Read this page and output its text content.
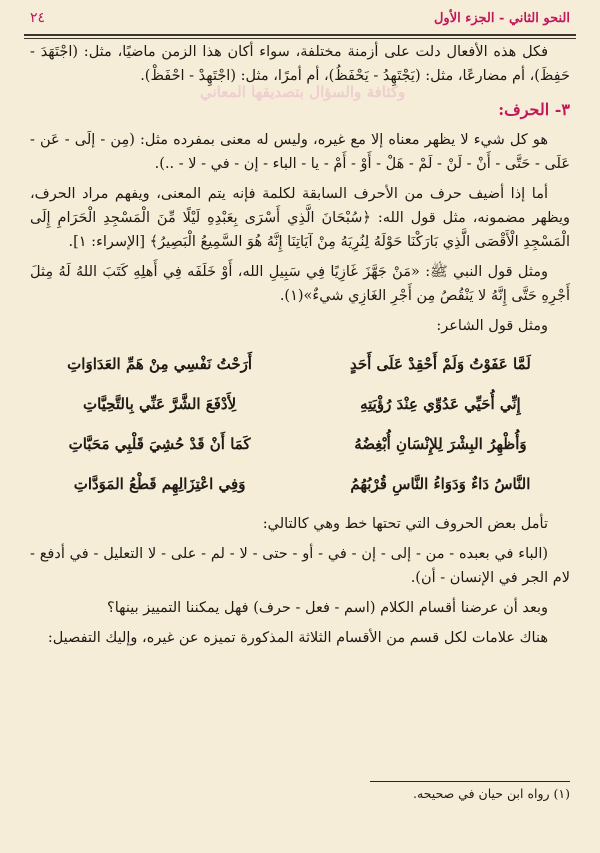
النحو الثاني - الجزء الأول
٢٤

فكل هذه الأفعال دلت على أزمنة مختلفة، سواء أكان هذا الزمن ماضيًا، مثل: (اجْتَهَدَ - حَفِظَ)، أم مضارعًا، مثل: (يَجْتَهِدُ - يَحْفَظُ)، أم أمرًا، مثل: (اجْتَهِدْ - احْفَظْ).

٣- الحرف:
وكثافة والسؤال بتصديقها المعاني

هو كل شيء لا يظهر معناه إلا مع غيره، وليس له معنى بمفرده مثل: (مِن - إلَى - عَن - عَلَى - حَتَّى - أَنْ - لَنْ - لَمْ - هَلْ - أَوْ - أَمْ - يا - الباء - إن - في - لا - ..).

أما إذا أضيف حرف من الأحرف السابقة لكلمة فإنه يتم المعنى، ويفهم مراد الحرف، ويظهر مضمونه، مثل قول الله: ﴿سُبْحَانَ الَّذِي أَسْرَى بِعَبْدِهِ لَيْلًا مِّنَ الْمَسْجِدِ الْحَرَامِ إِلَى الْمَسْجِدِ الْأَقْصَى الَّذِي بَارَكْنَا حَوْلَهُ لِنُرِيَهُ مِنْ آيَاتِنَا إِنَّهُ هُوَ السَّمِيعُ الْبَصِيرُ﴾ [الإسراء: ١].

ومثل قول النبي ﷺ: «مَنْ جَهَّزَ غَازِيًا فِي سَبِيلِ الله، أَوْ خَلَفَه فِي أَهلِهِ كَتَبَ اللهُ لَهُ مِثلَ أَجْرِهِ حَتَّى إِنَّهُ لا يَنْقُصُ مِن أَجْرِ الغَازِي شيءٌ»(١).

ومثل قول الشاعر:

لَمَّا عَفَوْتُ وَلَمْ أَحْقِدْ عَلَى أَحَدٍ
أَرَحْتُ نَفْسِي مِنْ هَمِّ العَدَاوَاتِ
إِنِّي أُحَيِّي عَدُوِّي عِنْدَ رُؤْيَتِهِ
لِأَدْفَعَ الشَّرَّ عَنِّي بِالتَّحِيَّاتِ
وَأُظْهِرُ البِشْرَ لِلإِنْسَانِ أُبْغِضُهُ
كَمَا أَنْ قَدْ حُشِيَ قَلْبِي مَحَبَّاتِ
النَّاسُ دَاءٌ وَدَوَاءُ النَّاسِ قُرْبُهُمُ
وَفِي اعْتِزَالِهِم قَطْعُ المَوَدَّاتِ

تأمل بعض الحروف التي تحتها خط وهي كالتالي:

(الباء في بعبده - من - إلى - إن - في - أو - حتى - لا - لم - على - لا التعليل - في أدفع - لام الجر في الإنسان - أن).

وبعد أن عرضنا أقسام الكلام (اسم - فعل - حرف) فهل يمكننا التمييز بينها؟

هناك علامات لكل قسم من الأقسام الثلاثة المذكورة تميزه عن غيره، وإليك التفصيل:

(١) رواه ابن حيان في صحيحه.
